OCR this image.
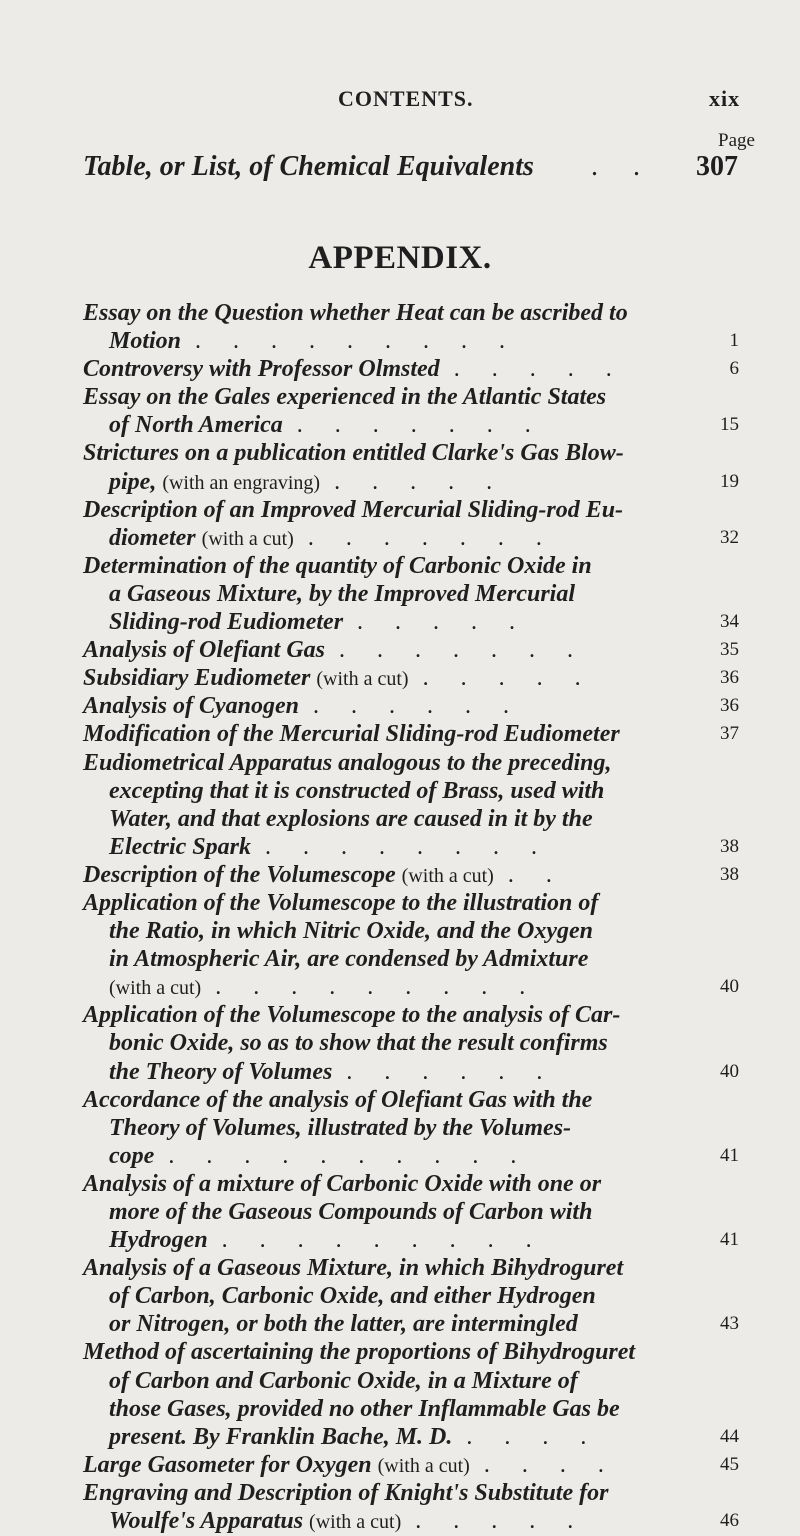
CONTENTS.	xix
Page
Table, or List, of Chemical Equivalents . . 307
APPENDIX.
Essay on the Question whether Heat can be ascribed to
Motion . . . . . . . . .	1
Controversy with Professor Olmsted . . . . .	6
Essay on the Gales experienced in the Atlantic States
of North America . . . . . . .	15
Strictures on a publication entitled Clarke's Gas Blow-
pipe, (with an engraving) . . . . .	19
Description of an Improved Mercurial Sliding-rod Eu-
diometer (with a cut) . . . . . . .	32
Determination of the quantity of Carbonic Oxide in
a Gaseous Mixture, by the Improved Mercurial
Sliding-rod Eudiometer . . . . .	34
Analysis of Olefiant Gas . . . . . . .	35
Subsidiary Eudiometer (with a cut) . . . . .	36
Analysis of Cyanogen . . . . . .	36
Modification of the Mercurial Sliding-rod Eudiometer	37
Eudiometrical Apparatus analogous to the preceding,
excepting that it is constructed of Brass, used with
Water, and that explosions are caused in it by the
Electric Spark . . . . . . . .	38
Description of the Volumescope (with a cut) . .	38
Application of the Volumescope to the illustration of
the Ratio, in which Nitric Oxide, and the Oxygen
in Atmospheric Air, are condensed by Admixture
(with a cut) . . . . . . . . .	40
Application of the Volumescope to the analysis of Car-
bonic Oxide, so as to show that the result confirms
the Theory of Volumes . . . . . .	40
Accordance of the analysis of Olefiant Gas with the
Theory of Volumes, illustrated by the Volumes-
cope . . . . . . . . . .	41
Analysis of a mixture of Carbonic Oxide with one or
more of the Gaseous Compounds of Carbon with
Hydrogen . . . . . . . . .	41
Analysis of a Gaseous Mixture, in which Bihydroguret
of Carbon, Carbonic Oxide, and either Hydrogen
or Nitrogen, or both the latter, are intermingled	43
Method of ascertaining the proportions of Bihydroguret
of Carbon and Carbonic Oxide, in a Mixture of
those Gases, provided no other Inflammable Gas be
present. By Franklin Bache, M. D. . . . .	44
Large Gasometer for Oxygen (with a cut) . . . .	45
Engraving and Description of Knight's Substitute for
Woulfe's Apparatus (with a cut) . . . . .	46
